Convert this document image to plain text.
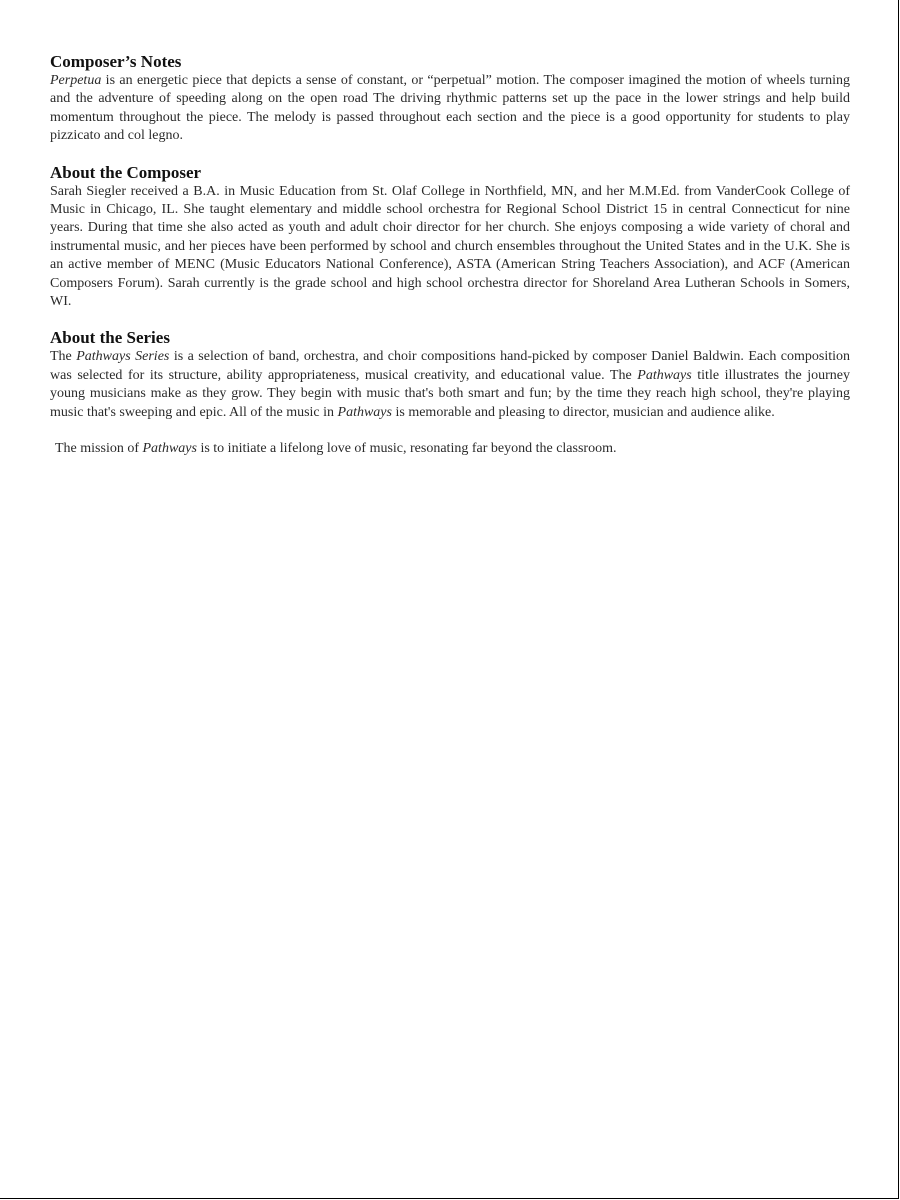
Composer’s Notes

Perpetua is an energetic piece that depicts a sense of constant, or “perpetual” motion. The composer imagined the motion of wheels turning and the adventure of speeding along on the open road The driving rhythmic patterns set up the pace in the lower strings and help build momentum throughout the piece. The melody is passed throughout each section and the piece is a good opportunity for students to play pizzicato and col legno.

About the Composer

Sarah Siegler received a B.A. in Music Education from St. Olaf College in Northfield, MN, and her M.M.Ed. from VanderCook College of Music in Chicago, IL. She taught elementary and middle school orchestra for Regional School District 15 in central Connecticut for nine years. During that time she also acted as youth and adult choir director for her church. She enjoys composing a wide variety of choral and instrumental music, and her pieces have been performed by school and church ensembles throughout the United States and in the U.K. She is an active member of MENC (Music Educators National Conference), ASTA (American String Teachers Association), and ACF (American Composers Forum). Sarah currently is the grade school and high school orchestra director for Shoreland Area Lutheran Schools in Somers, WI.

About the Series

The Pathways Series is a selection of band, orchestra, and choir compositions hand-picked by composer Daniel Baldwin. Each composition was selected for its structure, ability appropriateness, musical creativity, and educational value. The Pathways title illustrates the journey young musicians make as they grow. They begin with music that's both smart and fun; by the time they reach high school, they're playing music that's sweeping and epic. All of the music in Pathways is memorable and pleasing to director, musician and audience alike.

The mission of Pathways is to initiate a lifelong love of music, resonating far beyond the classroom.
